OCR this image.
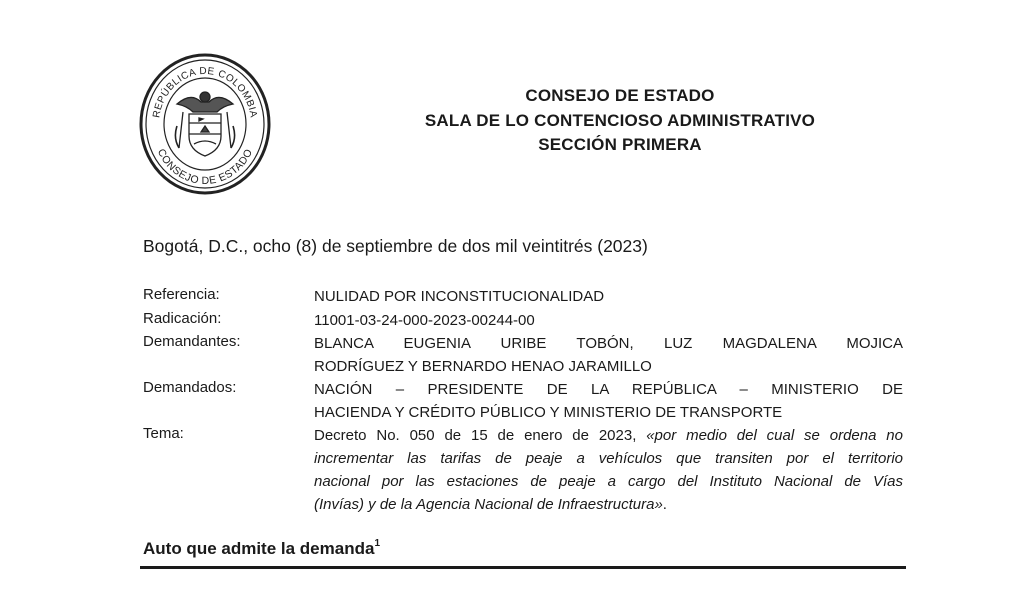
REPÚBLICA DE COLOMBIA
CONSEJO DE ESTADO
CONSEJO DE ESTADO
SALA DE LO CONTENCIOSO ADMINISTRATIVO
SECCIÓN PRIMERA
Bogotá, D.C., ocho (8) de septiembre de dos mil veintitrés (2023)
Referencia:	NULIDAD POR INCONSTITUCIONALIDAD
Radicación:	11001-03-24-000-2023-00244-00
Demandantes:	BLANCA EUGENIA URIBE TOBÓN, LUZ MAGDALENA MOJICA
RODRÍGUEZ Y BERNARDO HENAO JARAMILLO
Demandados:	NACIÓN – PRESIDENTE DE LA REPÚBLICA – MINISTERIO DE
HACIENDA Y CRÉDITO PÚBLICO Y MINISTERIO DE TRANSPORTE
Tema:	Decreto No. 050 de 15 de enero de 2023, «por medio del cual se ordena no
incrementar las tarifas de peaje a vehículos que transiten por el territorio
nacional por las estaciones de peaje a cargo del Instituto Nacional de Vías
(Invías) y de la Agencia Nacional de Infraestructura».
Auto que admite la demanda$^1$
